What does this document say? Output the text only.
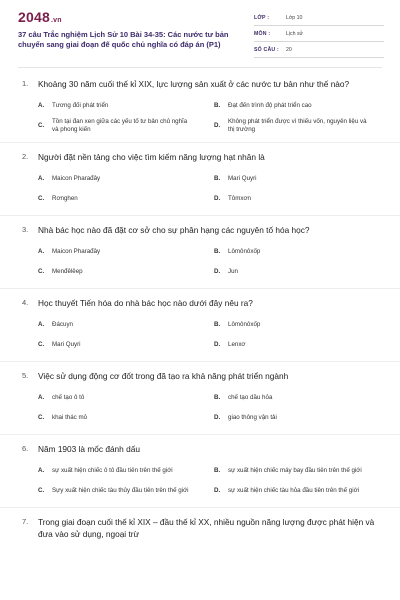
2048.vn
37 câu Trắc nghiệm Lịch Sử 10 Bài 34-35: Các nước tư bản chuyển sang giai đoạn đế quốc chủ nghĩa có đáp án (P1)
LỚP :	Lớp 10
MÔN :	Lịch sử
SỐ CÂU :	20
1.	Khoảng 30 năm cuối thế kỉ XIX, lực lượng sản xuất ở các nước tư bản như thế nào?
A.	Tương đối phát triển	B.	Đạt đến trình độ phát triển cao
C.
Tồn tại đan xen giữa các yếu tố tư bản chủ nghĩa và phong kiến
D.
Không phát triển được vì thiếu vốn, nguyên liệu và thị trường
2.	Người đặt nền tảng cho việc tìm kiếm năng lượng hạt nhân là
A.	Maicon Pharađây	B.	Mari Quyri
C.	Rơnghen	D.	Tômxơn
3.	Nhà bác học nào đã đặt cơ sở cho sự phân hạng các nguyên tố hóa học?
A.	Maicon Pharađây	B.	Lômônôxốp
C.	Menđêlêep	D.	Jun
4.	Học thuyết Tiến hóa do nhà bác học nào dưới đây nêu ra?
A.	Đácuyn	B.	Lômônôxốp
C.	Mari Quyri	D.	Lenxơ
5.	Việc sử dụng động cơ đốt trong đã tạo ra khả năng phát triển ngành
A.	chế tạo ô tô	B.	chế tạo dầu hỏa
C.	khai thác mỏ	D.	giao thông vận tải
6.	Năm 1903 là mốc đánh dấu
A.	sự xuất hiện chiếc ô tô đầu tiên trên thế giới	B.	sự xuất hiện chiếc máy bay đầu tiên trên thế giới
C.	Sựy xuất hiện chiếc tàu thủy đầu tiên trên thế giới	D.	sự xuất hiện chiếc tàu hỏa đầu tiên trên thế giới
7.	Trong giai đoạn cuối thế kỉ XIX – đầu thế kỉ XX, nhiều nguồn năng lượng được phát hiện và đưa vào sử dụng, ngoại trừ
